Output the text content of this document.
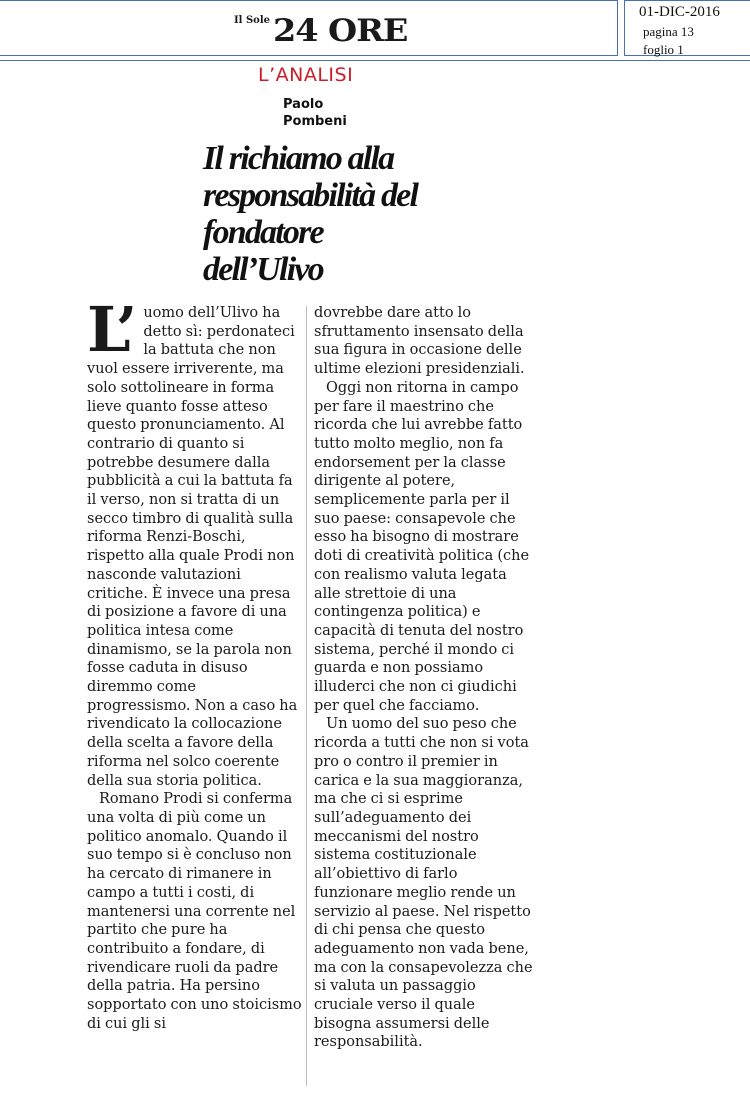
Il Sole 24 ORE
01-DIC-2016
pagina 13
foglio 1
L’ANALISI
Paolo
Pombeni
Il richiamo alla responsabilità del fondatore dell’Ulivo

L’ uomo dell’Ulivo ha detto sì: perdonateci la battuta che non vuol essere irriverente, ma solo sottolineare in forma lieve quanto fosse atteso questo pronunciamento. Al contrario di quanto si potrebbe desumere dalla pubblicità a cui la battuta fa il verso, non si tratta di un secco timbro di qualità sulla riforma Renzi-Boschi, rispetto alla quale Prodi non nasconde valutazioni critiche. È invece una presa di posizione a favore di una politica intesa come dinamismo, se la parola non fosse caduta in disuso diremmo come progressismo. Non a caso ha rivendicato la collocazione della scelta a favore della riforma nel solco coerente della sua storia politica.

Romano Prodi si conferma una volta di più come un politico anomalo. Quando il suo tempo si è concluso non ha cercato di rimanere in campo a tutti i costi, di mantenersi una corrente nel partito che pure ha contribuito a fondare, di rivendicare ruoli da padre della patria. Ha persino sopportato con uno stoicismo di cui gli si

dovrebbe dare atto lo sfruttamento insensato della sua figura in occasione delle ultime elezioni presidenziali.

Oggi non ritorna in campo per fare il maestrino che ricorda che lui avrebbe fatto tutto molto meglio, non fa endorsement per la classe dirigente al potere, semplicemente parla per il suo paese: consapevole che esso ha bisogno di mostrare doti di creatività politica (che con realismo valuta legata alle strettoie di una contingenza politica) e capacità di tenuta del nostro sistema, perché il mondo ci guarda e non possiamo illuderci che non ci giudichi per quel che facciamo.

Un uomo del suo peso che ricorda a tutti che non si vota pro o contro il premier in carica e la sua maggioranza, ma che ci si esprime sull’adeguamento dei meccanismi del nostro sistema costituzionale all’obiettivo di farlo funzionare meglio rende un servizio al paese. Nel rispetto di chi pensa che questo adeguamento non vada bene, ma con la consapevolezza che si valuta un passaggio cruciale verso il quale bisogna assumersi delle responsabilità.
